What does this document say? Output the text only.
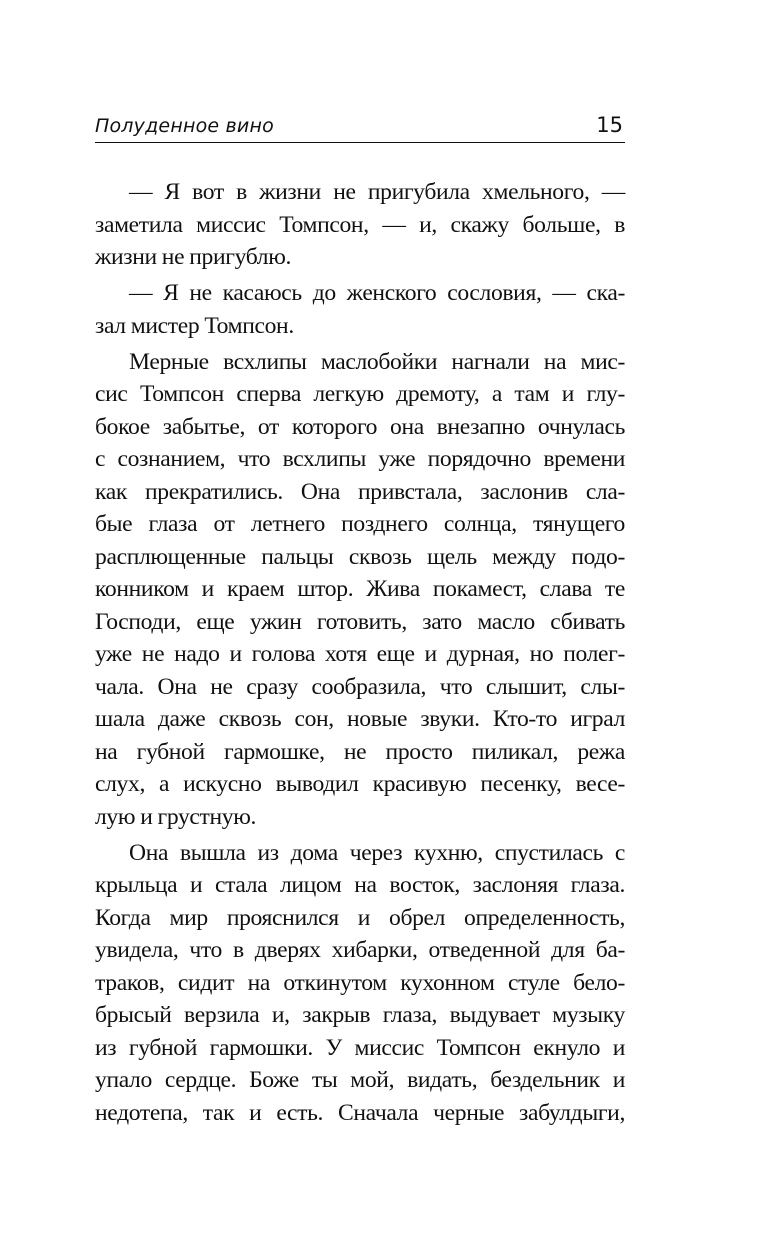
Полуденное вино	15
— Я вот в жизни не пригубила хмельного, —
заметила миссис Томпсон, — и, скажу больше, в
жизни не пригублю.
— Я не касаюсь до женского сословия, — ска-
зал мистер Томпсон.
Мерные всхлипы маслобойки нагнали на мис-
сис Томпсон сперва легкую дремоту, а там и глу-
бокое забытье, от которого она внезапно очнулась
с сознанием, что всхлипы уже порядочно времени
как прекратились. Она привстала, заслонив сла-
бые глаза от летнего позднего солнца, тянущего
расплющенные пальцы сквозь щель между подо-
конником и краем штор. Жива покамест, слава те
Господи, еще ужин готовить, зато масло сбивать
уже не надо и голова хотя еще и дурная, но полег-
чала. Она не сразу сообразила, что слышит, слы-
шала даже сквозь сон, новые звуки. Кто-то играл
на губной гармошке, не просто пиликал, режа
слух, а искусно выводил красивую песенку, весе-
лую и грустную.
Она вышла из дома через кухню, спустилась с
крыльца и стала лицом на восток, заслоняя глаза.
Когда мир прояснился и обрел определенность,
увидела, что в дверях хибарки, отведенной для ба-
траков, сидит на откинутом кухонном стуле бело-
брысый верзила и, закрыв глаза, выдувает музыку
из губной гармошки. У миссис Томпсон екнуло и
упало сердце. Боже ты мой, видать, бездельник и
недотепа, так и есть. Сначала черные забулдыги,
